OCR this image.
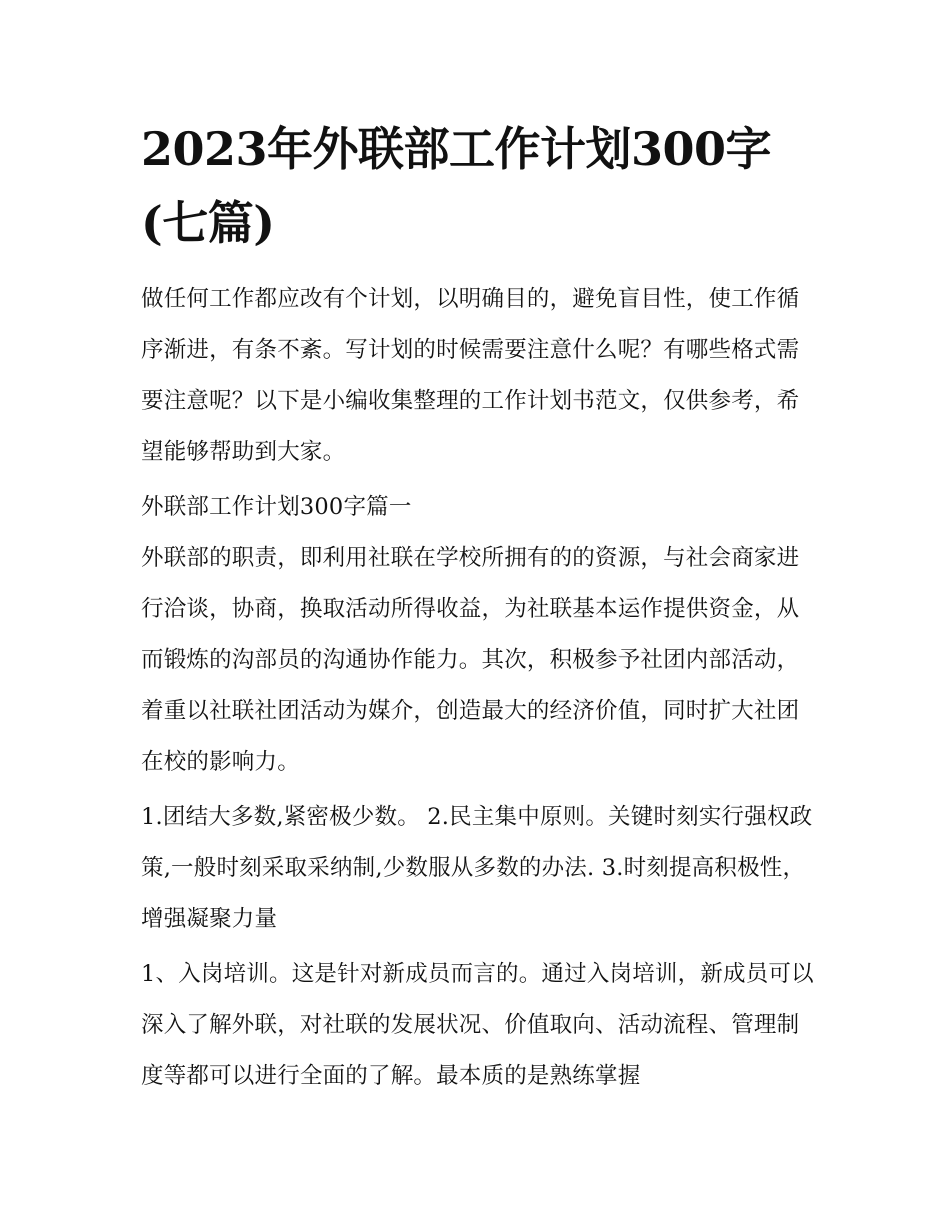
2023年外联部工作计划300字(七篇)

做任何工作都应改有个计划，以明确目的，避免盲目性，使工作循序渐进，有条不紊。写计划的时候需要注意什么呢？有哪些格式需要注意呢？以下是小编收集整理的工作计划书范文，仅供参考，希望能够帮助到大家。

外联部工作计划300字篇一

外联部的职责，即利用社联在学校所拥有的的资源，与社会商家进行洽谈，协商，换取活动所得收益，为社联基本运作提供资金，从而锻炼的沟部员的沟通协作能力。其次，积极参予社团内部活动，着重以社联社团活动为媒介，创造最大的经济价值，同时扩大社团在校的影响力。

1.团结大多数,紧密极少数。 2.民主集中原则。关键时刻实行强权政策,一般时刻采取采纳制,少数服从多数的办法. 3.时刻提高积极性，增强凝聚力量

1、入岗培训。这是针对新成员而言的。通过入岗培训，新成员可以深入了解外联，对社联的发展状况、价值取向、活动流程、管理制度等都可以进行全面的了解。最本质的是熟练掌握
